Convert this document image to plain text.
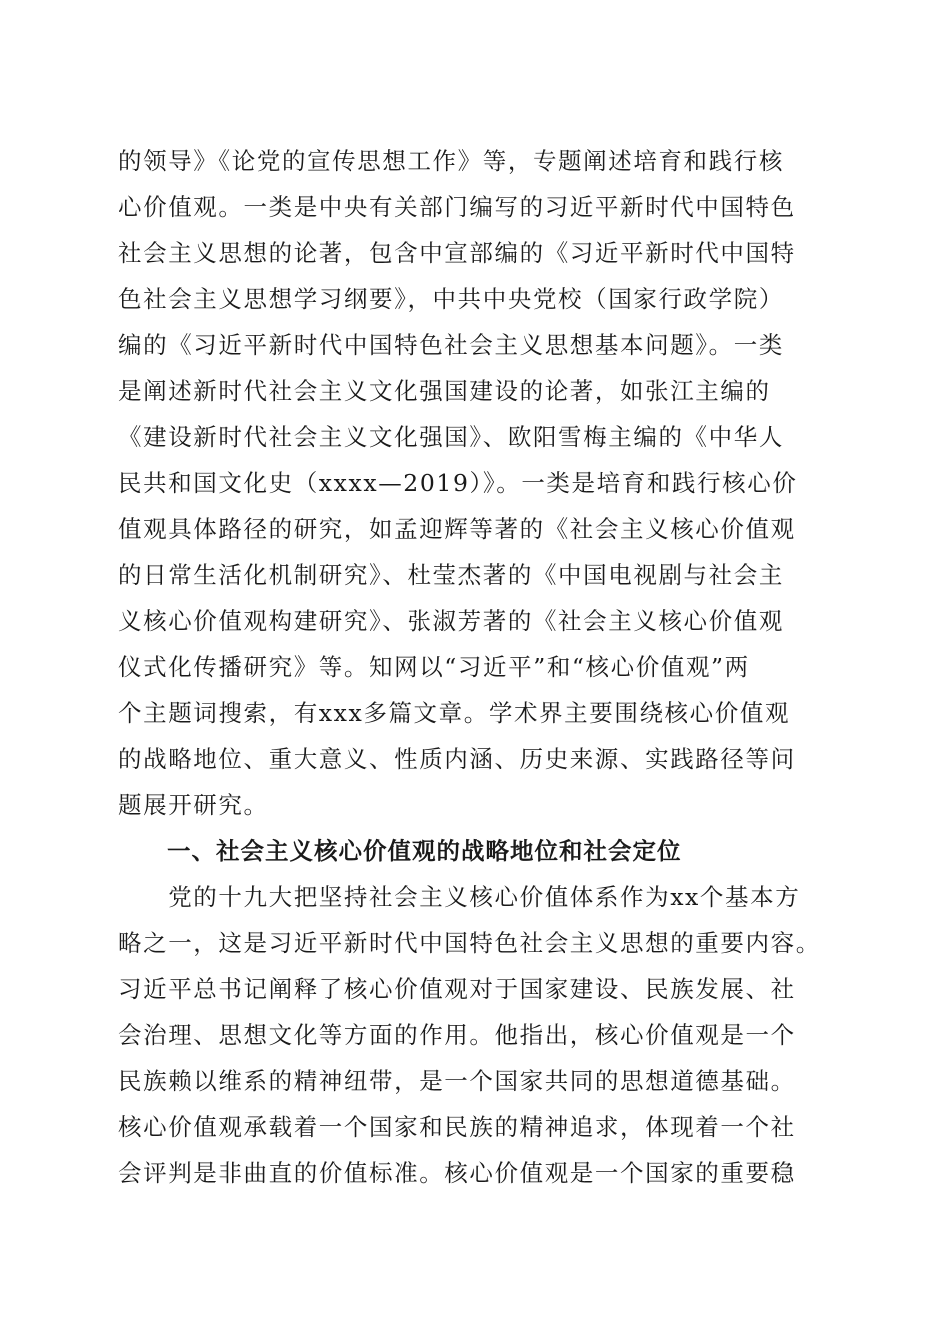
的领导》《论党的宣传思想工作》等，专题阐述培育和践行核
心价值观。一类是中央有关部门编写的习近平新时代中国特色
社会主义思想的论著，包含中宣部编的《习近平新时代中国特
色社会主义思想学习纲要》，中共中央党校（国家行政学院）
编的《习近平新时代中国特色社会主义思想基本问题》。一类
是阐述新时代社会主义文化强国建设的论著，如张江主编的
《建设新时代社会主义文化强国》、欧阳雪梅主编的《中华人
民共和国文化史（xxxx—2019）》。一类是培育和践行核心价
值观具体路径的研究，如孟迎辉等著的《社会主义核心价值观
的日常生活化机制研究》、杜莹杰著的《中国电视剧与社会主
义核心价值观构建研究》、张淑芳著的《社会主义核心价值观
仪式化传播研究》等。知网以“习近平”和“核心价值观”两
个主题词搜索，有xxx多篇文章。学术界主要围绕核心价值观
的战略地位、重大意义、性质内涵、历史来源、实践路径等问
题展开研究。
　　一、社会主义核心价值观的战略地位和社会定位
　　党的十九大把坚持社会主义核心价值体系作为xx个基本方
略之一，这是习近平新时代中国特色社会主义思想的重要内容。
习近平总书记阐释了核心价值观对于国家建设、民族发展、社
会治理、思想文化等方面的作用。他指出，核心价值观是一个
民族赖以维系的精神纽带，是一个国家共同的思想道德基础。
核心价值观承载着一个国家和民族的精神追求，体现着一个社
会评判是非曲直的价值标准。核心价值观是一个国家的重要稳
